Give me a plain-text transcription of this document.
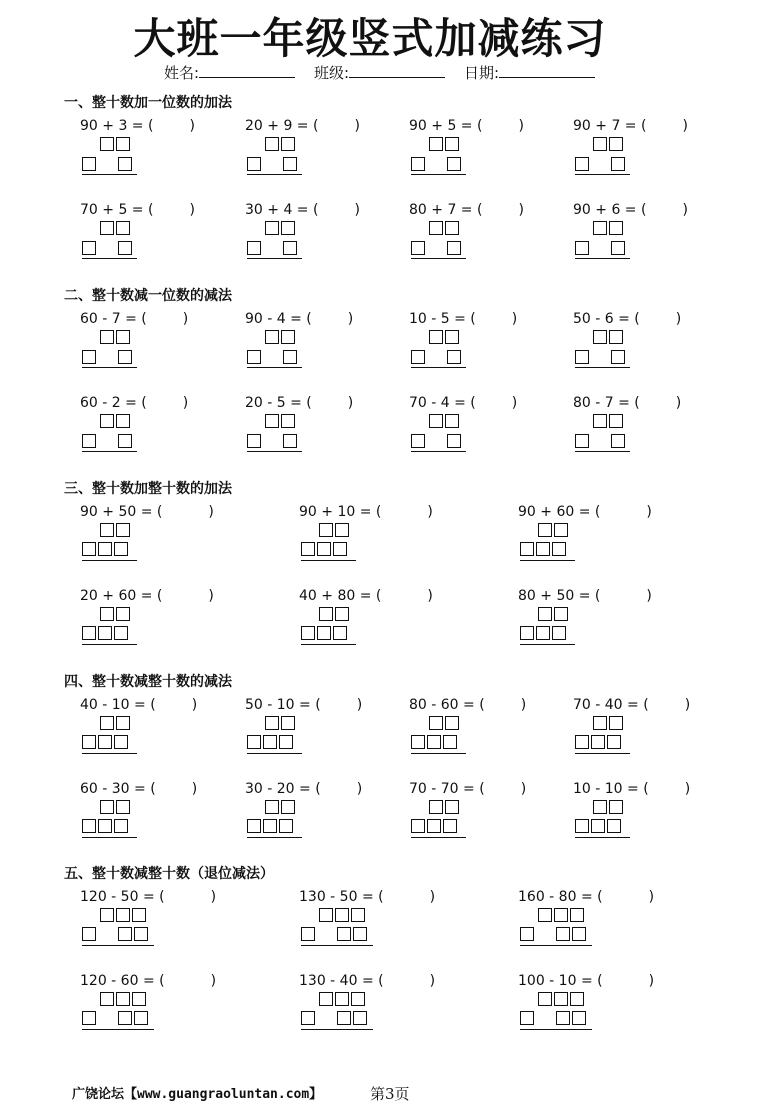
大班一年级竖式加减练习
姓名:	班级:	日期:
一、整十数加一位数的加法
90 + 3 = (	)	20 + 9 = (	)	90 + 5 = (	)	90 + 7 = (	)
70 + 5 = (	)	30 + 4 = (	)	80 + 7 = (	)	90 + 6 = (	)
二、整十数减一位数的减法
60 - 7 = (	)	90 - 4 = (	)	10 - 5 = (	)	50 - 6 = (	)
60 - 2 = (	)	20 - 5 = (	)	70 - 4 = (	)	80 - 7 = (	)
三、整十数加整十数的加法
90 + 50 = (	)	90 + 10 = (	)	90 + 60 = (	)
20 + 60 = (	)	40 + 80 = (	)	80 + 50 = (	)
四、整十数减整十数的减法
40 - 10 = (	)	50 - 10 = (	)	80 - 60 = (	)	70 - 40 = (	)
60 - 30 = (	)	30 - 20 = (	)	70 - 70 = (	)	10 - 10 = (	)
五、整十数减整十数（退位减法）
120 - 50 = (	)	130 - 50 = (	)	160 - 80 = (	)
120 - 60 = (	)	130 - 40 = (	)	100 - 10 = (	)
广饶论坛【www.guangraoluntan.com】	第3页
